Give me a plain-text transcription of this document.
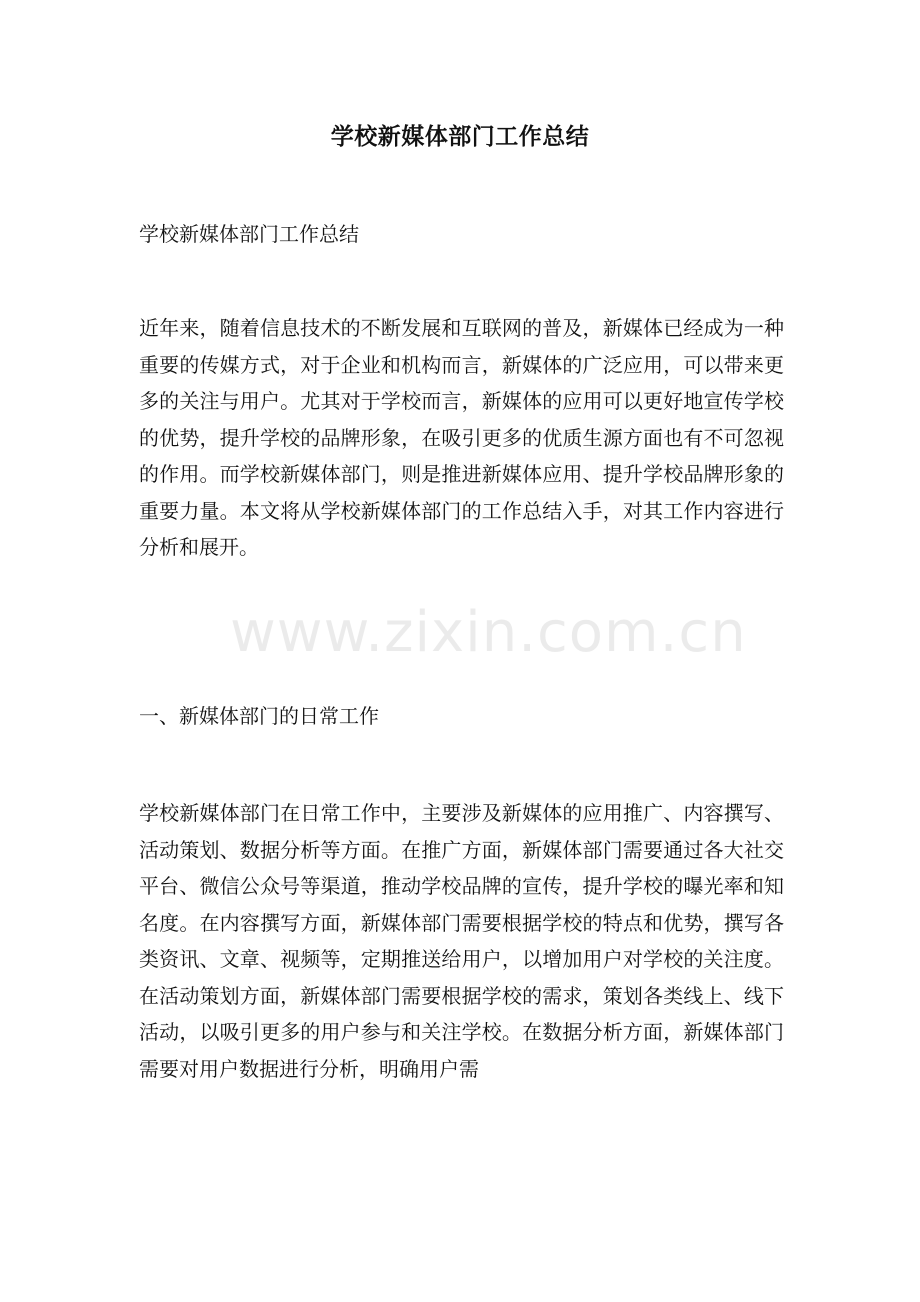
学校新媒体部门工作总结
学校新媒体部门工作总结

近年来，随着信息技术的不断发展和互联网的普及，新媒体已经成为一种重要的传媒方式，对于企业和机构而言，新媒体的广泛应用，可以带来更多的关注与用户。尤其对于学校而言，新媒体的应用可以更好地宣传学校的优势，提升学校的品牌形象，在吸引更多的优质生源方面也有不可忽视的作用。而学校新媒体部门，则是推进新媒体应用、提升学校品牌形象的重要力量。本文将从学校新媒体部门的工作总结入手，对其工作内容进行分析和展开。

一、新媒体部门的日常工作

学校新媒体部门在日常工作中，主要涉及新媒体的应用推广、内容撰写、活动策划、数据分析等方面。在推广方面，新媒体部门需要通过各大社交平台、微信公众号等渠道，推动学校品牌的宣传，提升学校的曝光率和知名度。在内容撰写方面，新媒体部门需要根据学校的特点和优势，撰写各类资讯、文章、视频等，定期推送给用户，以增加用户对学校的关注度。在活动策划方面，新媒体部门需要根据学校的需求，策划各类线上、线下活动，以吸引更多的用户参与和关注学校。在数据分析方面，新媒体部门需要对用户数据进行分析，明确用户需

www.zixin.com.cn
